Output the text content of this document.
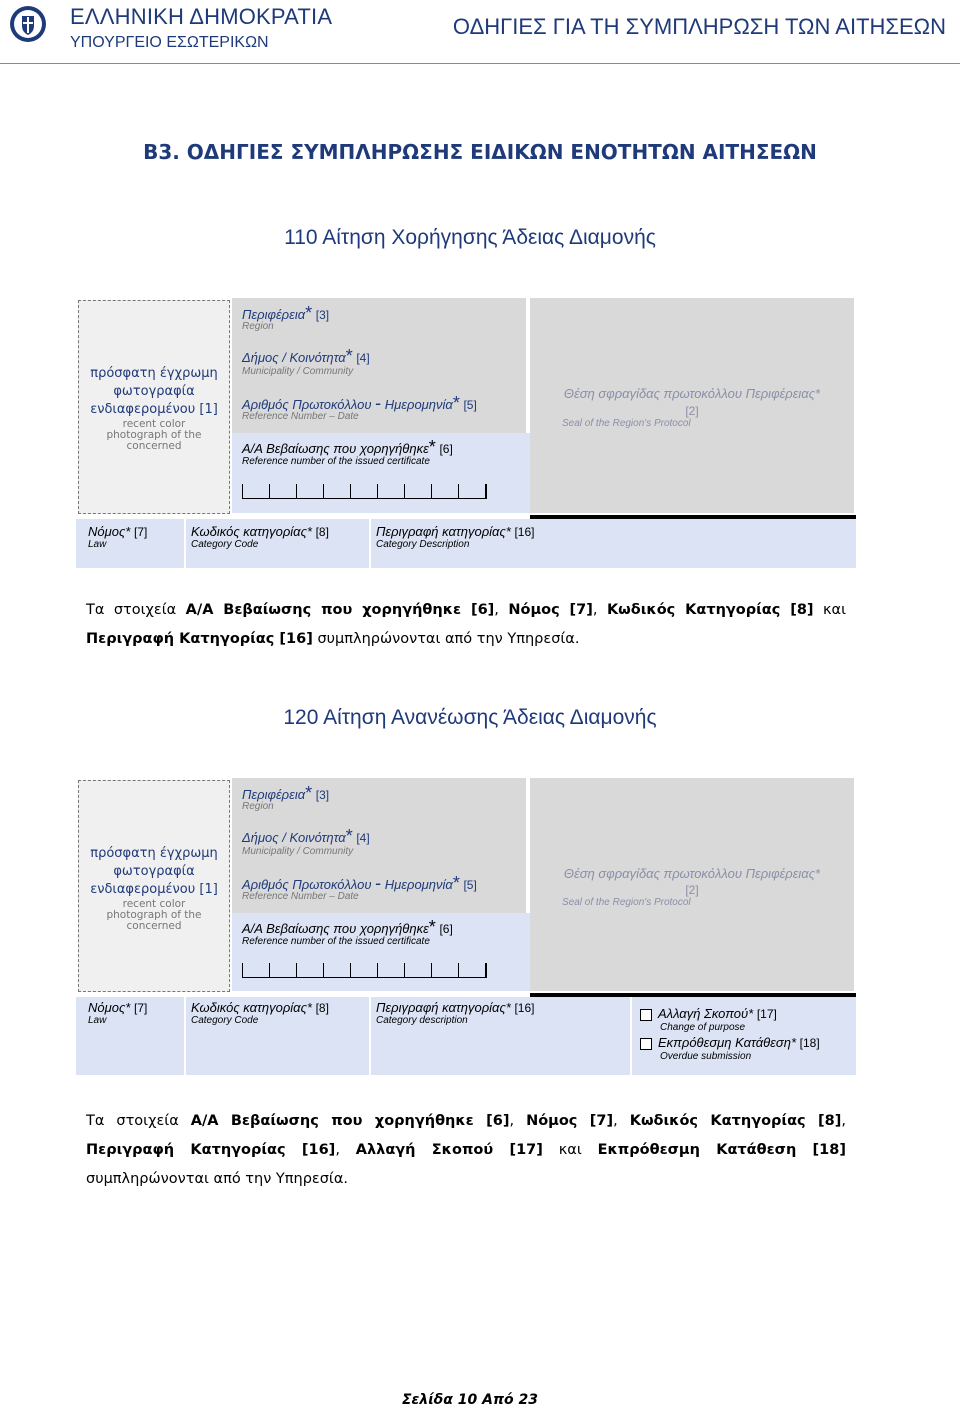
ΕΛΛΗΝΙΚΗ ΔΗΜΟΚΡΑΤΙΑ
ΥΠΟΥΡΓΕΙΟ ΕΣΩΤΕΡΙΚΩΝ
ΟΔΗΓΙΕΣ ΓΙΑ ΤΗ ΣΥΜΠΛΗΡΩΣΗ ΤΩΝ ΑΙΤΗΣΕΩΝ
Β3. ΟΔΗΓΙΕΣ ΣΥΜΠΛΗΡΩΣΗΣ ΕΙΔΙΚΩΝ ΕΝΟΤΗΤΩΝ ΑΙΤΗΣΕΩΝ
110 Αίτηση Χορήγησης Άδειας Διαμονής
πρόσφατη έγχρωμη
φωτογραφία
ενδιαφερομένου [1]
recent color
photograph of the
concerned
Περιφέρεια* [3]
Region
Δήμος / Κοινότητα* [4]
Municipality / Community
Αριθμός Πρωτοκόλλου - Ημερομηνία* [5]
Reference Number – Date
Α/Α Βεβαίωσης που χορηγήθηκε* [6]
Reference number of the issued certificate
Θέση σφραγίδας πρωτοκόλλου Περιφέρειας*
[2]
Seal of the Region's Protocol
Νόμος* [7]
Law
Κωδικός κατηγορίας* [8]
Category Code
Περιγραφή κατηγορίας* [16]
Category Description
Τα στοιχεία Α/Α Βεβαίωσης που χορηγήθηκε [6], Νόμος [7], Κωδικός Κατηγορίας [8] και Περιγραφή Κατηγορίας [16] συμπληρώνονται από την Υπηρεσία.
120 Αίτηση Ανανέωσης Άδειας Διαμονής
πρόσφατη έγχρωμη
φωτογραφία
ενδιαφερομένου [1]
recent color
photograph of the
concerned
Περιφέρεια* [3]
Region
Δήμος / Κοινότητα* [4]
Municipality / Community
Αριθμός Πρωτοκόλλου - Ημερομηνία* [5]
Reference Number – Date
Α/Α Βεβαίωσης που χορηγήθηκε* [6]
Reference number of the issued certificate
Θέση σφραγίδας πρωτοκόλλου Περιφέρειας*
[2]
Seal of the Region's Protocol
Νόμος* [7]
Law
Κωδικός κατηγορίας* [8]
Category Code
Περιγραφή κατηγορίας* [16]
Category description	Αλλαγή Σκοπού* [17]
Change of purpose
Εκπρόθεσμη Κατάθεση* [18]
Overdue submission
Τα στοιχεία Α/Α Βεβαίωσης που χορηγήθηκε [6], Νόμος [7], Κωδικός Κατηγορίας [8], Περιγραφή Κατηγορίας [16], Αλλαγή Σκοπού [17] και Εκπρόθεσμη Κατάθεση [18] συμπληρώνονται από την Υπηρεσία.
Σελίδα 10 Από 23
